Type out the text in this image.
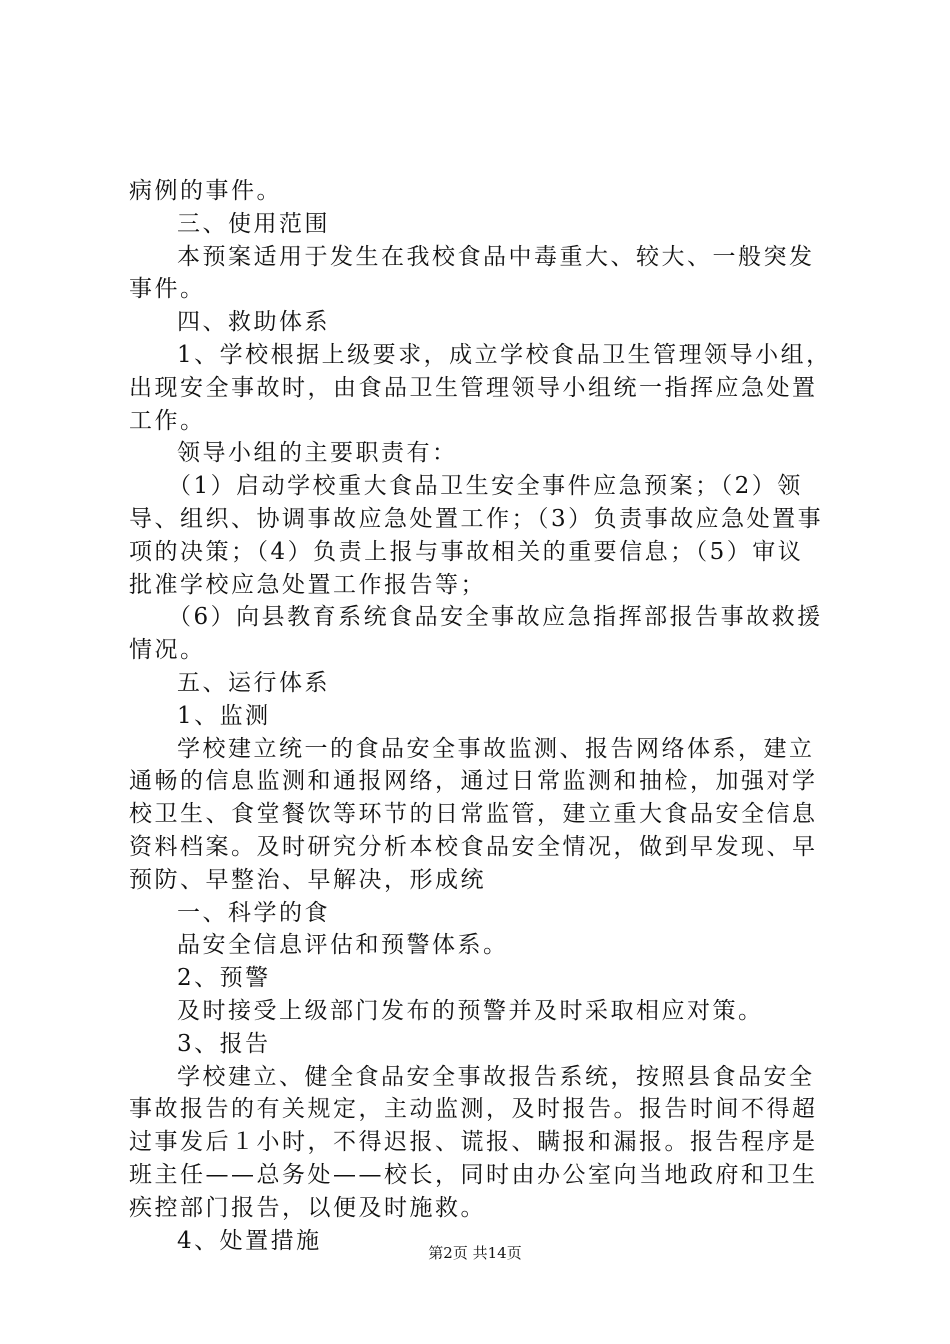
病例的事件。
三、使用范围
本预案适用于发生在我校食品中毒重大、较大、一般突发
事件。
四、救助体系
1、学校根据上级要求，成立学校食品卫生管理领导小组，
出现安全事故时，由食品卫生管理领导小组统一指挥应急处置
工作。
领导小组的主要职责有：
（1）启动学校重大食品卫生安全事件应急预案；（2）领
导、组织、协调事故应急处置工作；（3）负责事故应急处置事
项的决策；（4）负责上报与事故相关的重要信息；（5）审议
批准学校应急处置工作报告等；
（6）向县教育系统食品安全事故应急指挥部报告事故救援
情况。
五、运行体系
1、监测
学校建立统一的食品安全事故监测、报告网络体系，建立
通畅的信息监测和通报网络，通过日常监测和抽检，加强对学
校卫生、食堂餐饮等环节的日常监管，建立重大食品安全信息
资料档案。及时研究分析本校食品安全情况，做到早发现、早
预防、早整治、早解决，形成统
一、科学的食
品安全信息评估和预警体系。
2、预警
及时接受上级部门发布的预警并及时采取相应对策。
3、报告
学校建立、健全食品安全事故报告系统，按照县食品安全
事故报告的有关规定，主动监测，及时报告。报告时间不得超
过事发后１小时，不得迟报、谎报、瞒报和漏报。报告程序是
班主任——总务处——校长，同时由办公室向当地政府和卫生
疾控部门报告，以便及时施救。
4、处置措施	第2页 共14页
